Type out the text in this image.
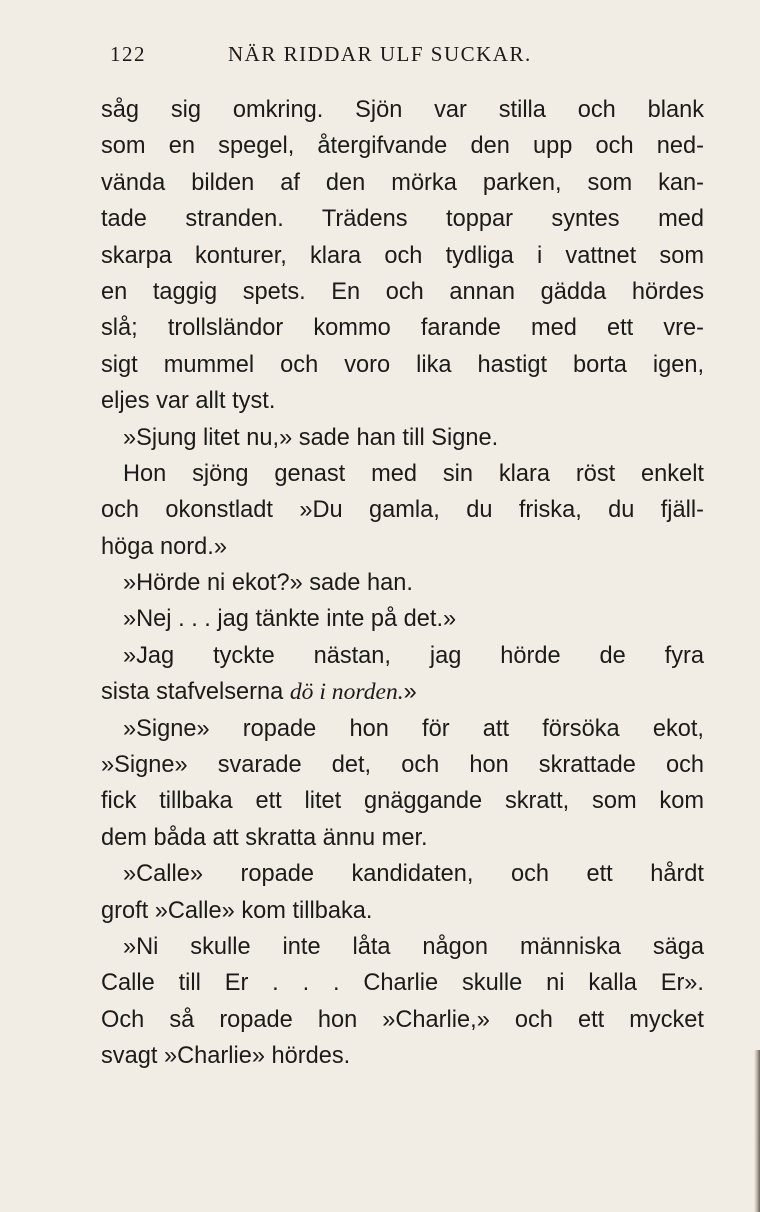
122	NÄR RIDDAR ULF SUCKAR.
såg sig omkring. Sjön var stilla och blank
som en spegel, återgifvande den upp och ned-
vända bilden af den mörka parken, som kan-
tade stranden. Trädens toppar syntes med
skarpa konturer, klara och tydliga i vattnet som
en taggig spets. En och annan gädda hördes
slå; trollsländor kommo farande med ett vre-
sigt mummel och voro lika hastigt borta igen,
eljes var allt tyst.
»Sjung litet nu,» sade han till Signe.
Hon sjöng genast med sin klara röst enkelt
och okonstladt »Du gamla, du friska, du fjäll-
höga nord.»
»Hörde ni ekot?» sade han.
»Nej . . . jag tänkte inte på det.»
»Jag tyckte nästan, jag hörde de fyra
sista stafvelserna dö i norden.»
»Signe» ropade hon för att försöka ekot,
»Signe» svarade det, och hon skrattade och
fick tillbaka ett litet gnäggande skratt, som kom
dem båda att skratta ännu mer.
»Calle» ropade kandidaten, och ett hårdt
groft »Calle» kom tillbaka.
»Ni skulle inte låta någon människa säga
Calle till Er . . . Charlie skulle ni kalla Er».
Och så ropade hon »Charlie,» och ett mycket
svagt »Charlie» hördes.
